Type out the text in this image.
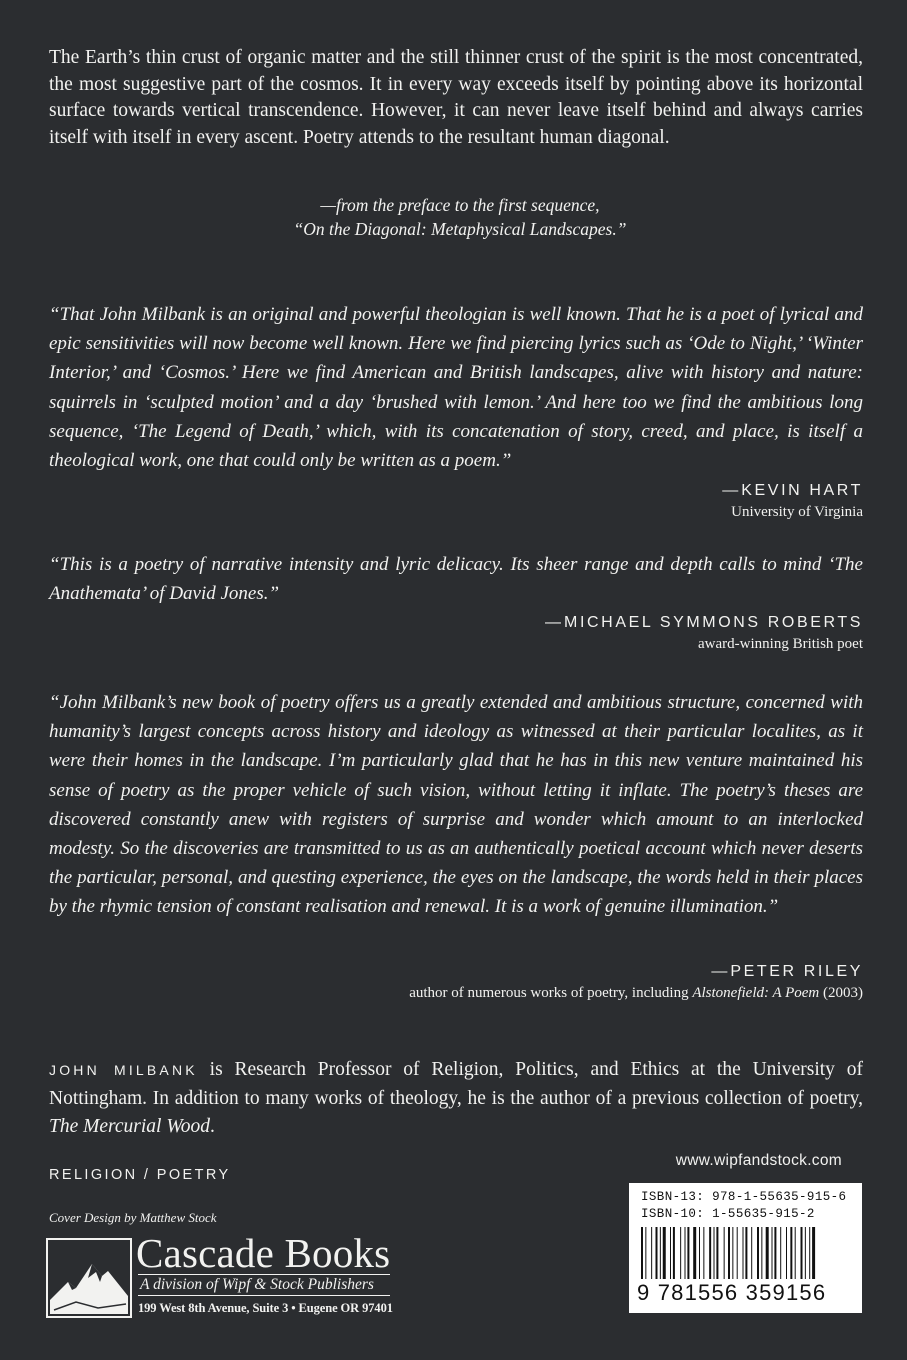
The Earth’s thin crust of organic matter and the still thinner crust of the spirit is the most concentrated, the most suggestive part of the cosmos. It in every way exceeds itself by pointing above its horizontal surface towards vertical transcendence. However, it can never leave itself behind and always carries itself with itself in every ascent. Poetry attends to the resultant human diagonal.

—from the preface to the first sequence,
“On the Diagonal: Metaphysical Landscapes.”

“That John Milbank is an original and powerful theologian is well known. That he is a poet of lyrical and epic sensitivities will now become well known. Here we find piercing lyrics such as ‘Ode to Night,’ ‘Winter Interior,’ and ‘Cosmos.’ Here we find American and British landscapes, alive with history and nature: squirrels in ‘sculpted motion’ and a day ‘brushed with lemon.’ And here too we find the ambitious long sequence, ‘The Legend of Death,’ which, with its concatenation of story, creed, and place, is itself a theological work, one that could only be written as a poem.”

— KEVIN HART
University of Virginia

“This is a poetry of narrative intensity and lyric delicacy. Its sheer range and depth calls to mind ‘The Anathemata’ of David Jones.”

— MICHAEL SYMMONS ROBERTS
award-winning British poet

“John Milbank’s new book of poetry offers us a greatly extended and ambitious structure, concerned with humanity’s largest concepts across history and ideology as witnessed at their particular localites, as it were their homes in the landscape. I’m particularly glad that he has in this new venture maintained his sense of poetry as the proper vehicle of such vision, without letting it inflate. The poetry’s theses are discovered constantly anew with registers of surprise and wonder which amount to an interlocked modesty. So the discoveries are transmitted to us as an authentically poetical account which never deserts the particular, personal, and questing experience, the eyes on the landscape, the words held in their places by the rhymic tension of constant realisation and renewal. It is a work of genuine illumination.”

— PETER RILEY
author of numerous works of poetry, including Alstonefield: A Poem (2003)

JOHN MILBANK is Research Professor of Religion, Politics, and Ethics at the University of Nottingham. In addition to many works of theology, he is the author of a previous collection of poetry, The Mercurial Wood.

RELIGION / POETRY
www.wipfandstock.com
Cover Design by Matthew Stock
Cascade Books
A division of Wipf & Stock Publishers
199 West 8th Avenue, Suite 3 • Eugene OR 97401
ISBN-13: 978-1-55635-915-6
ISBN-10: 1-55635-915-2
9 781556 359156
